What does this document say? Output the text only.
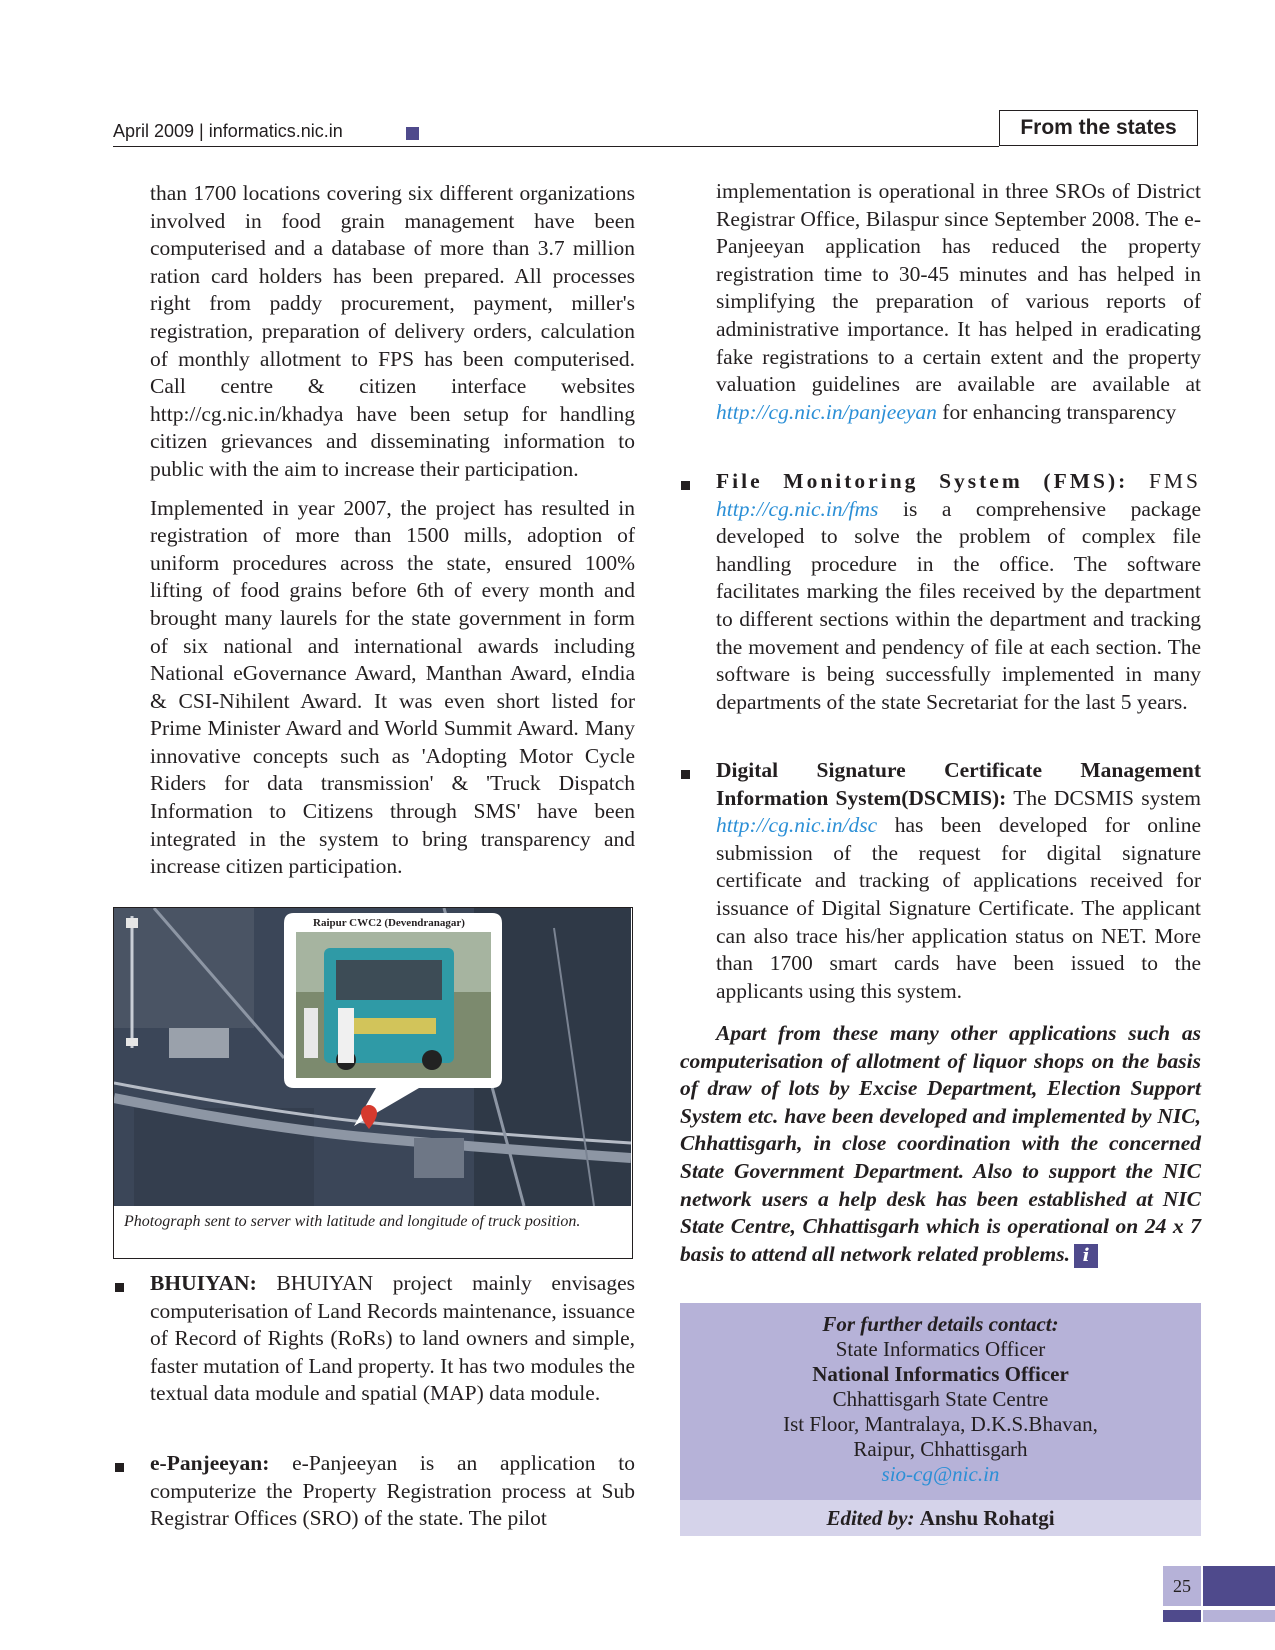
April 2009 | informatics.nic.in	From the states

than 1700 locations covering six different organizations involved in food grain management have been computerised and a database of more than 3.7 million ration card holders has been prepared. All processes right from paddy procurement, payment, miller's registration, preparation of delivery orders, calculation of monthly allotment to FPS has been computerised. Call centre & citizen interface websites http://cg.nic.in/khadya have been setup for handling citizen grievances and disseminating information to public with the aim to increase their participation.

Implemented in year 2007, the project has resulted in registration of more than 1500 mills, adoption of uniform procedures across the state, ensured 100% lifting of food grains before 6th of every month and brought many laurels for the state government in form of six national and international awards including National eGovernance Award, Manthan Award, eIndia & CSI-Nihilent Award. It was even short listed for Prime Minister Award and World Summit Award. Many innovative concepts such as 'Adopting Motor Cycle Riders for data transmission' & 'Truck Dispatch Information to Citizens through SMS' have been integrated in the system to bring transparency and increase citizen participation.

Raipur CWC2 (Devendranagar)
Photograph sent to server with latitude and longitude of truck position.

BHUIYAN: BHUIYAN project mainly envisages computerisation of Land Records maintenance, issuance of Record of Rights (RoRs) to land owners and simple, faster mutation of Land property. It has two modules the textual data module and spatial (MAP) data module.

e-Panjeeyan: e-Panjeeyan is an application to computerize the Property Registration process at Sub Registrar Offices (SRO) of the state. The pilot

implementation is operational in three SROs of District Registrar Office, Bilaspur since September 2008. The e-Panjeeyan application has reduced the property registration time to 30-45 minutes and has helped in simplifying the preparation of various reports of administrative importance. It has helped in eradicating fake registrations to a certain extent and the property valuation guidelines are available are available at http://cg.nic.in/panjeeyan for enhancing transparency

File Monitoring System (FMS): FMS http://cg.nic.in/fms is a comprehensive package developed to solve the problem of complex file handling procedure in the office. The software facilitates marking the files received by the department to different sections within the department and tracking the movement and pendency of file at each section. The software is being successfully implemented in many departments of the state Secretariat for the last 5 years.

Digital Signature Certificate Management Information System(DSCMIS): The DCSMIS system http://cg.nic.in/dsc has been developed for online submission of the request for digital signature certificate and tracking of applications received for issuance of Digital Signature Certificate. The applicant can also trace his/her application status on NET. More than 1700 smart cards have been issued to the applicants using this system.

Apart from these many other applications such as computerisation of allotment of liquor shops on the basis of draw of lots by Excise Department, Election Support System etc. have been developed and implemented by NIC, Chhattisgarh, in close coordination with the concerned State Government Department. Also to support the NIC network users a help desk has been established at NIC State Centre, Chhattisgarh which is operational on 24 x 7 basis to attend all network related problems. i
For further details contact:
State Informatics Officer
National Informatics Officer
Chhattisgarh State Centre
Ist Floor, Mantralaya, D.K.S.Bhavan,
Raipur, Chhattisgarh
sio-cg@nic.in
Edited by: Anshu Rohatgi
25
